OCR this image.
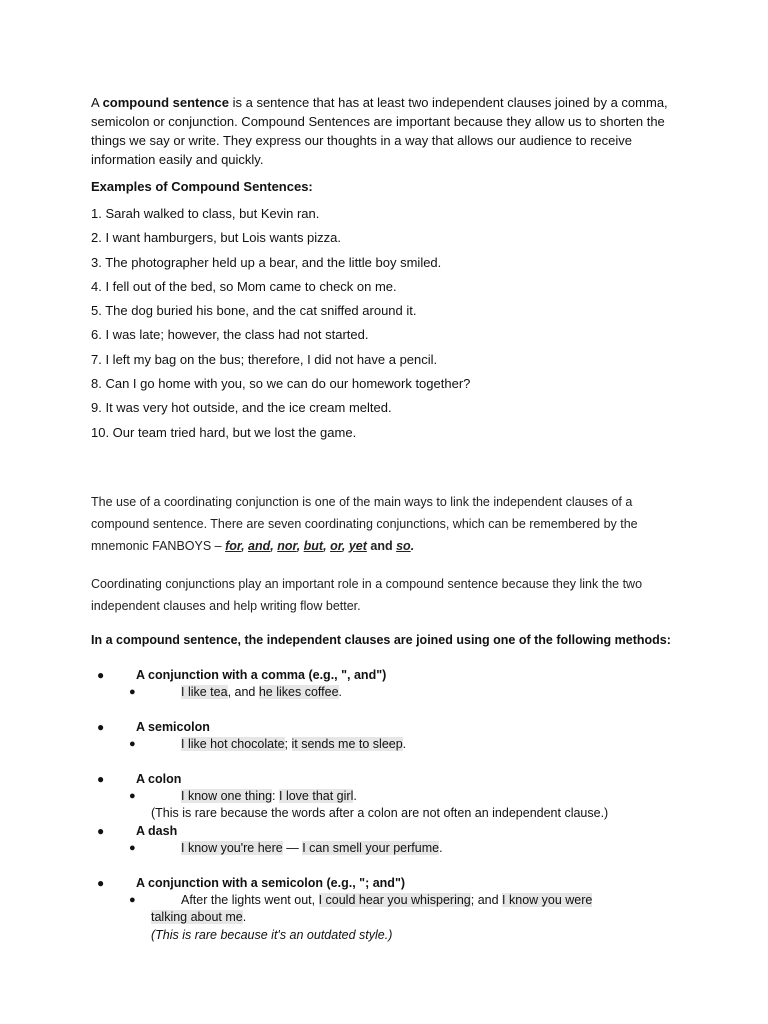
A compound sentence is a sentence that has at least two independent clauses joined by a comma, semicolon or conjunction. Compound Sentences are important because they allow us to shorten the things we say or write. They express our thoughts in a way that allows our audience to receive information easily and quickly.
Examples of Compound Sentences:
1. Sarah walked to class, but Kevin ran.
2. I want hamburgers, but Lois wants pizza.
3. The photographer held up a bear, and the little boy smiled.
4. I fell out of the bed, so Mom came to check on me.
5. The dog buried his bone, and the cat sniffed around it.
6. I was late; however, the class had not started.
7. I left my bag on the bus; therefore, I did not have a pencil.
8. Can I go home with you, so we can do our homework together?
9. It was very hot outside, and the ice cream melted.
10. Our team tried hard, but we lost the game.
The use of a coordinating conjunction is one of the main ways to link the independent clauses of a compound sentence. There are seven coordinating conjunctions, which can be remembered by the mnemonic FANBOYS – for, and, nor, but, or, yet and so.
Coordinating conjunctions play an important role in a compound sentence because they link the two independent clauses and help writing flow better.
In a compound sentence, the independent clauses are joined using one of the following methods:
●	A conjunction with a comma (e.g., ", and")
●	I like tea, and he likes coffee.
●	A semicolon
●	I like hot chocolate; it sends me to sleep.
●	A colon
●	I know one thing: I love that girl.
(This is rare because the words after a colon are not often an independent clause.)
●	A dash
●	I know you're here — I can smell your perfume.
●	A conjunction with a semicolon (e.g., "; and")
●	After the lights went out, I could hear you whispering; and I know you were
talking about me.
(This is rare because it's an outdated style.)
